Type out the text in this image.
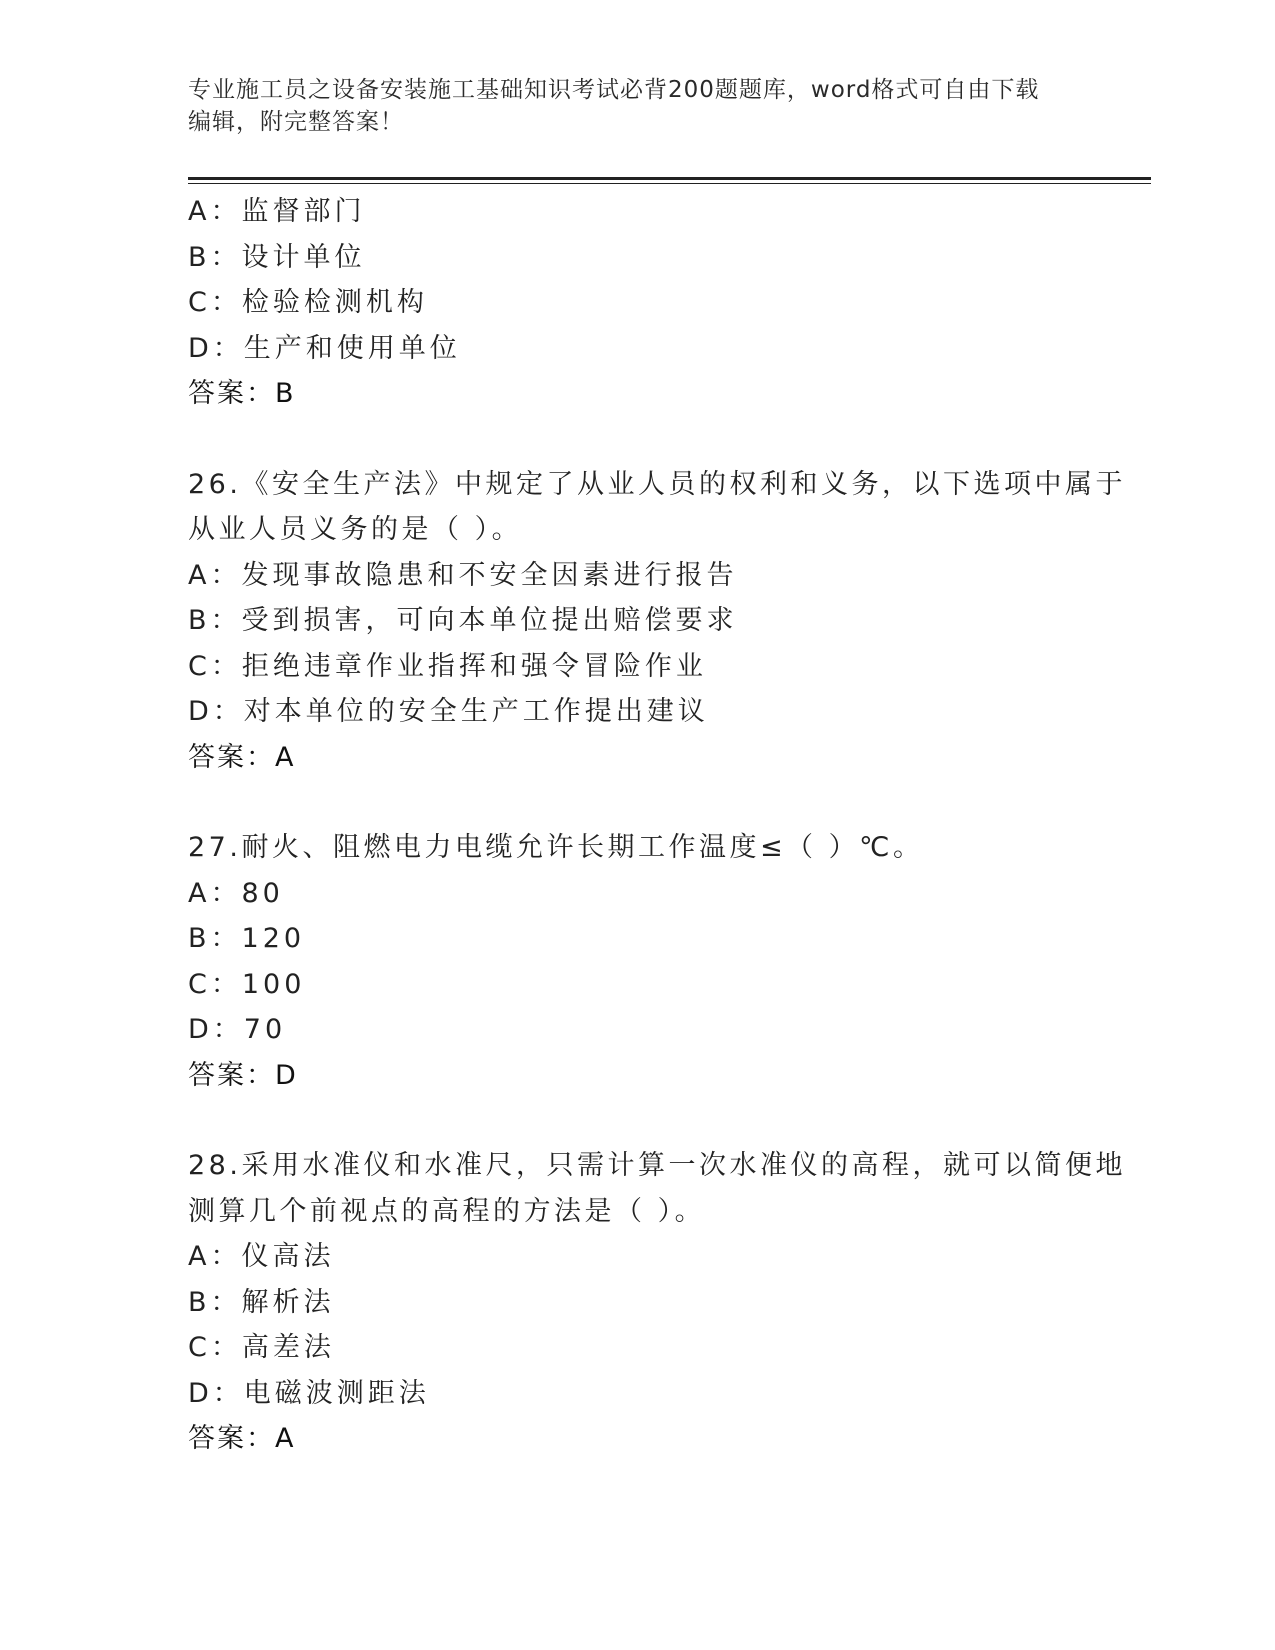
专业施工员之设备安装施工基础知识考试必背200题题库，word格式可自由下载
编辑，附完整答案！
A：监督部门
B：设计单位
C：检验检测机构
D：生产和使用单位
答案：B
26.《安全生产法》中规定了从业人员的权利和义务，以下选项中属于
从业人员义务的是（ ）。
A：发现事故隐患和不安全因素进行报告
B：受到损害，可向本单位提出赔偿要求
C：拒绝违章作业指挥和强令冒险作业
D：对本单位的安全生产工作提出建议
答案：A
27.耐火、阻燃电力电缆允许长期工作温度≤（ ）℃。
A：80
B：120
C：100
D：70
答案：D
28.采用水准仪和水准尺，只需计算一次水准仪的高程，就可以简便地
测算几个前视点的高程的方法是（ ）。
A：仪高法
B：解析法
C：高差法
D：电磁波测距法
答案：A
